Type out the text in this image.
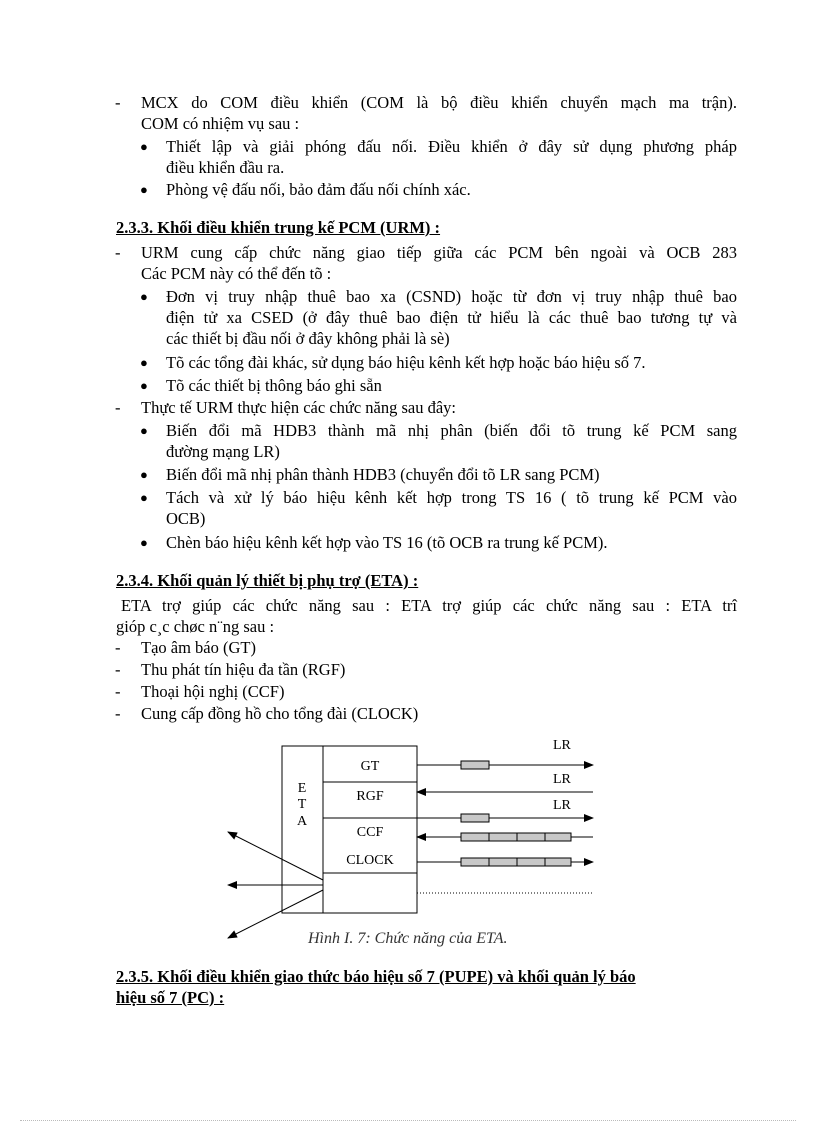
- MCX do COM điều khiển (COM là bộ điều khiển chuyển mạch ma trận).
COM có nhiệm vụ sau :
● Thiết lập và giải phóng đấu nối. Điều khiển ở đây sử dụng phương pháp
điều khiển đầu ra.
● Phòng vệ đấu nối, bảo đảm đấu nối chính xác.
2.3.3. Khối điều khiển trung kế PCM (URM) :
- URM cung cấp chức năng giao tiếp giữa các PCM bên ngoài và OCB 283
Các PCM này có thể đến tõ :
● Đơn vị truy nhập thuê bao xa (CSND) hoặc từ đơn vị truy nhập thuê bao
điện tử xa CSED (ở đây thuê bao điện tử hiểu là các thuê bao tương tự và
các thiết bị đầu nối ở đây không phải là sè)
● Tõ các tổng đài khác, sử dụng báo hiệu kênh kết hợp hoặc báo hiệu số 7.
● Tõ các thiết bị thông báo ghi sẵn
- Thực tế URM thực hiện các chức năng sau đây:
● Biến đổi mã HDB3 thành mã nhị phân (biến đổi tõ trung kế PCM sang
đường mạng LR)
● Biến đổi mã nhị phân thành HDB3 (chuyển đổi tõ LR sang PCM)
● Tách và xử lý báo hiệu kênh kết hợp trong TS 16 ( tõ trung kế PCM vào
OCB)
● Chèn báo hiệu kênh kết hợp vào TS 16 (tõ OCB ra trung kế PCM).
2.3.4. Khối quản lý thiết bị phụ trợ (ETA) :
ETA trợ giúp các chức năng sau : ETA trợ giúp các chức năng sau : ETA trî
gióp c¸c chøc n¨ng sau :
- Tạo âm báo (GT)
- Thu phát tín hiệu đa tần (RGF)
- Thoại hội nghị (CCF)
- Cung cấp đồng hồ cho tổng đài (CLOCK)
E
T
A
GT
RGF
CCF
CLOCK
LR
LR
LR
Hình I. 7: Chức năng của ETA.
2.3.5. Khối điều khiển giao thức báo hiệu số 7 (PUPE) và khối quản lý báo
hiệu số 7 (PC) :
